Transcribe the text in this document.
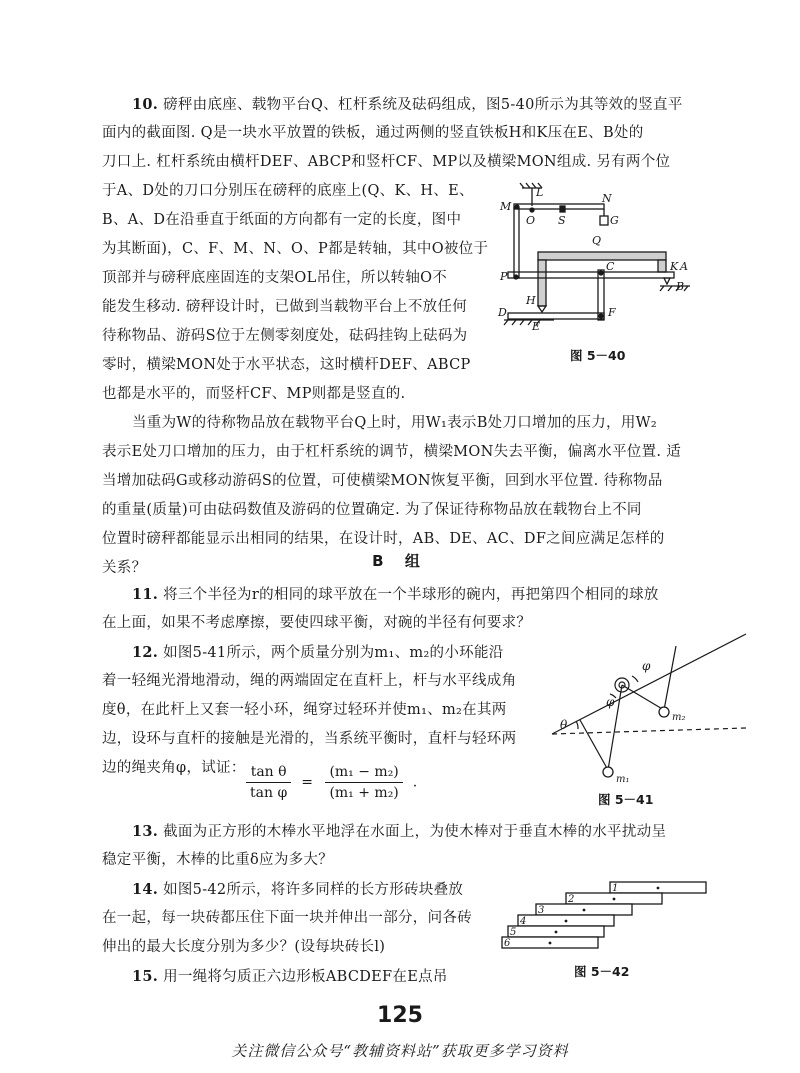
10. 磅秤由底座、载物平台Q、杠杆系统及砝码组成，图5-40所示为其等效的竖直平
面内的截面图. Q是一块水平放置的铁板，通过两侧的竖直铁板H和K压在E、B处的
刀口上. 杠杆系统由横杆DEF、ABCP和竖杆CF、MP以及横梁MON组成. 另有两个位
于A、D处的刀口分别压在磅秤的底座上(Q、K、H、E、
B、A、D在沿垂直于纸面的方向都有一定的长度，图中
为其断面)，C、F、M、N、O、P都是转轴，其中O被位于
顶部并与磅秤底座固连的支架OL吊住，所以转轴O不
能发生移动. 磅秤设计时，已做到当载物平台上不放任何
待称物品、游码S位于左侧零刻度处，砝码挂钩上砝码为
零时，横梁MON处于水平状态，这时横杆DEF、ABCP
也都是水平的，而竖杆CF、MP则都是竖直的.
当重为W的待称物品放在载物平台Q上时，用W₁表示B处刀口增加的压力，用W₂
表示E处刀口增加的压力，由于杠杆系统的调节，横梁MON失去平衡，偏离水平位置. 适
当增加砝码G或移动游码S的位置，可使横梁MON恢复平衡，回到水平位置. 待称物品
的重量(质量)可由砝码数值及游码的位置确定. 为了保证待称物品放在载物台上不同
位置时磅秤都能显示出相同的结果，在设计时，AB、DE、AC、DF之间应满足怎样的
关系？
L
M
O S
N
G
Q
P
C	K A
B
H
D
E
F
图 5－40
B 组
11. 将三个半径为r的相同的球平放在一个半球形的碗内，再把第四个相同的球放
在上面，如果不考虑摩擦，要使四球平衡，对碗的半径有何要求？
12. 如图5-41所示，两个质量分别为m₁、m₂的小环能沿
着一轻绳光滑地滑动，绳的两端固定在直杆上，杆与水平线成角
度θ，在此杆上又套一轻小环，绳穿过轻环并使m₁、m₂在其两
边，设环与直杆的接触是光滑的，当系统平衡时，直杆与轻环两
边的绳夹角φ，试证： $\frac{\text{tan θ}}{\text{tan φ}} = \frac{\text{(m₁ − m₂)}}{\text{(m₁ + m₂)}}$ .
θ
φ
φ
m₁
m₂
图 5－41
13. 截面为正方形的木棒水平地浮在水面上，为使木棒对于垂直木棒的水平扰动呈
稳定平衡，木棒的比重δ应为多大？
14. 如图5-42所示，将许多同样的长方形砖块叠放
在一起，每一块砖都压住下面一块并伸出一部分，问各砖
伸出的最大长度分别为多少？(设每块砖长l)
15. 用一绳将匀质正六边形板ABCDEF在E点吊
1
2
3
4
5
6
图 5－42
125
关注微信公众号“教辅资料站”获取更多学习资料
